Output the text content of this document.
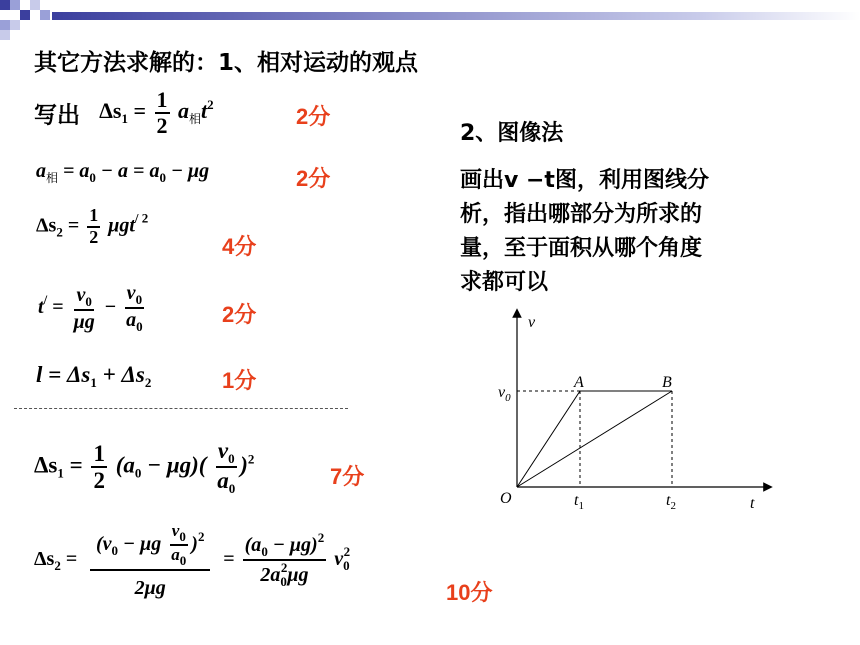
其它方法求解的：1、相对运动的观点
写出 $\Delta s_1 = \frac{1}{2} a_相t^2$	2分
$a_相 = a_0 - a = a_0 - \mu g$	2分
$\Delta s_2 = \frac{1}{2} \mu gt^{/ 2}$
4分
$t^/ = \frac{v_0}{\mu g} - \frac{v_0}{a_0}$	2分
$l = \Delta s_1 + \Delta s_2$	1分
$\Delta s_1 = \frac{1}{2} (a_0 - \mu g)( \frac{v_0}{a_0} )^2$
7分
$\Delta s_2 = \frac{(v_0 - \mu g \frac{v_0}{a_0} )^2}{2\mu g} = \frac{(a_0 - \mu g)^2}{2a_0^2\mu g} v_0^2$
10分
2、图像法
画出v −t图，利用图线分
析，指出哪部分为所求的
量，至于面积从哪个角度
求都可以
v
t
O
$v_0$
A	B
$t_1$	$t_2$
